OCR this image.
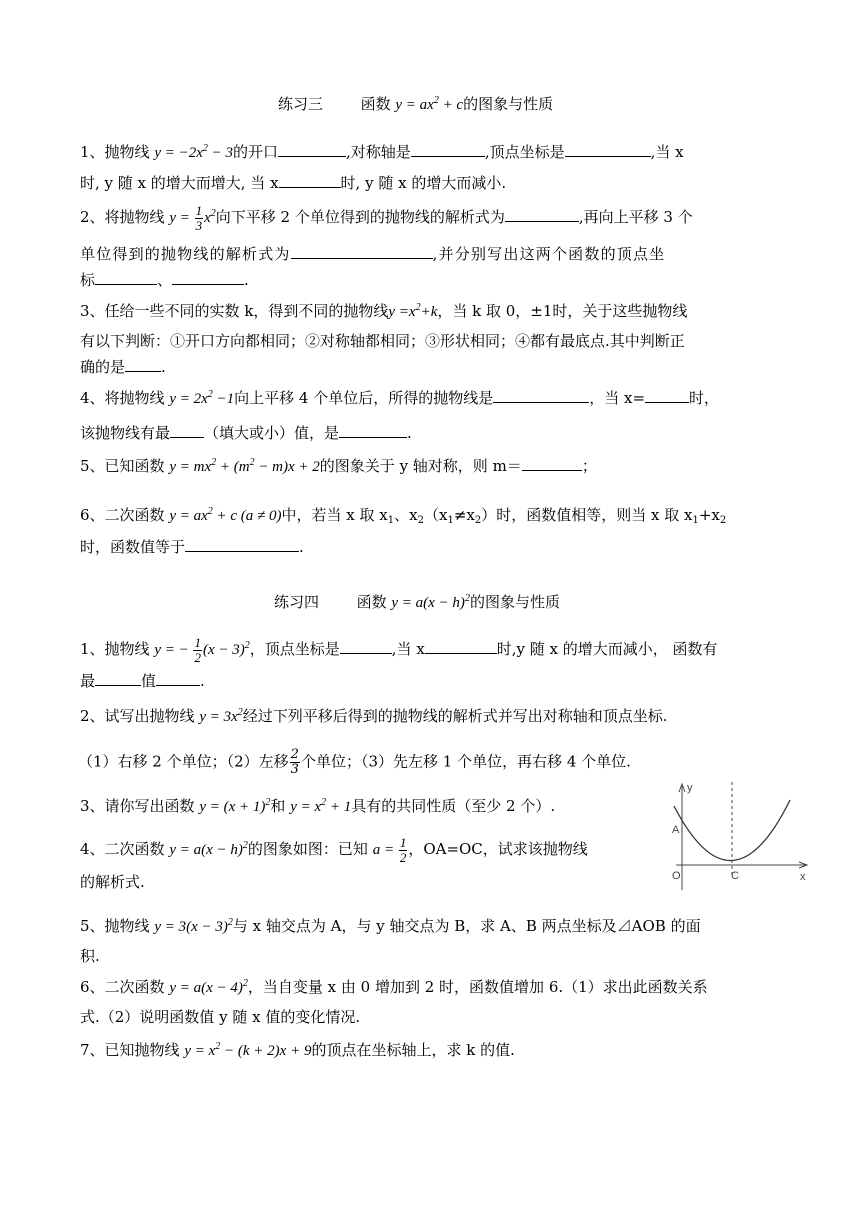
练习三	函数 $y = ax^2 + c$的图象与性质
1、抛物线 $y = -2x^2 - 3$的开口	,对称轴是	,顶点坐标是	,当 x
时, y 随 x 的增大而增大, 当 x	时, y 随 x 的增大而减小.
2、将抛物线 $y = \frac{1}{3} x^2$向下平移 2 个单位得到的抛物线的解析式为	,再向上平移 3 个
单位得到的抛物线的解析式为	,并分别写出这两个函数的顶点坐
标	、	.
3、任给一些不同的实数 k，得到不同的抛物线$y =x^2+k$，当 k 取 0，±1时，关于这些抛物线
有以下判断：①开口方向都相同；②对称轴都相同；③形状相同；④都有最底点.其中判断正
确的是 .
4、将抛物线 $y = 2x^2 -1$向上平移 4 个单位后，所得的抛物线是	，当 x=	时，
该抛物线有最 （填大或小）值，是	.
5、已知函数 $y = mx^2 + (m^2 - m)x + 2$的图象关于 y 轴对称，则 m＝	；
6、二次函数 $y = ax^2 + c$ (a ≠ 0)中，若当 x 取 $x_1$、$x_2(x_1\ne x_2)$时，函数值相等，则当 x 取 $x_1+x_2$
时，函数值等于	.
练习四	函数 $y = a(x - h)^2$的图象与性质
1、抛物线 y = − $\frac{1}{2} (x - 3)^2$，顶点坐标是	,当 x	时,y 随 x 的增大而减小， 函数有
最	值	.
2、试写出抛物线 $y = 3x^2$经过下列平移后得到的抛物线的解析式并写出对称轴和顶点坐标.
（1）右移 2 个单位；（2）左移 $\frac{2}{3}$ 个单位；（3）先左移 1 个单位，再右移 4 个单位.
3、请你写出函数 $y = (x + 1)^2$和 $y = x^2 + 1$具有的共同性质（至少 2 个）.
4、二次函数 $y = a(x - h)^2$的图象如图：已知 $a = \frac{1}{2}$ ，OA=OC，试求该抛物线
的解析式.
y
x
A
O	C
5、抛物线 $y = 3(x - 3)^2$与 x 轴交点为 A，与 y 轴交点为 B，求 A、B 两点坐标及⊿AOB 的面
积.
6、二次函数 $y = a(x - 4)^2$，当自变量 x 由 0 增加到 2 时，函数值增加 6.（1）求出此函数关系
式.（2）说明函数值 y 随 x 值的变化情况.
7、已知抛物线 $y = x^2 - (k + 2)x + 9$的顶点在坐标轴上，求 k 的值.
